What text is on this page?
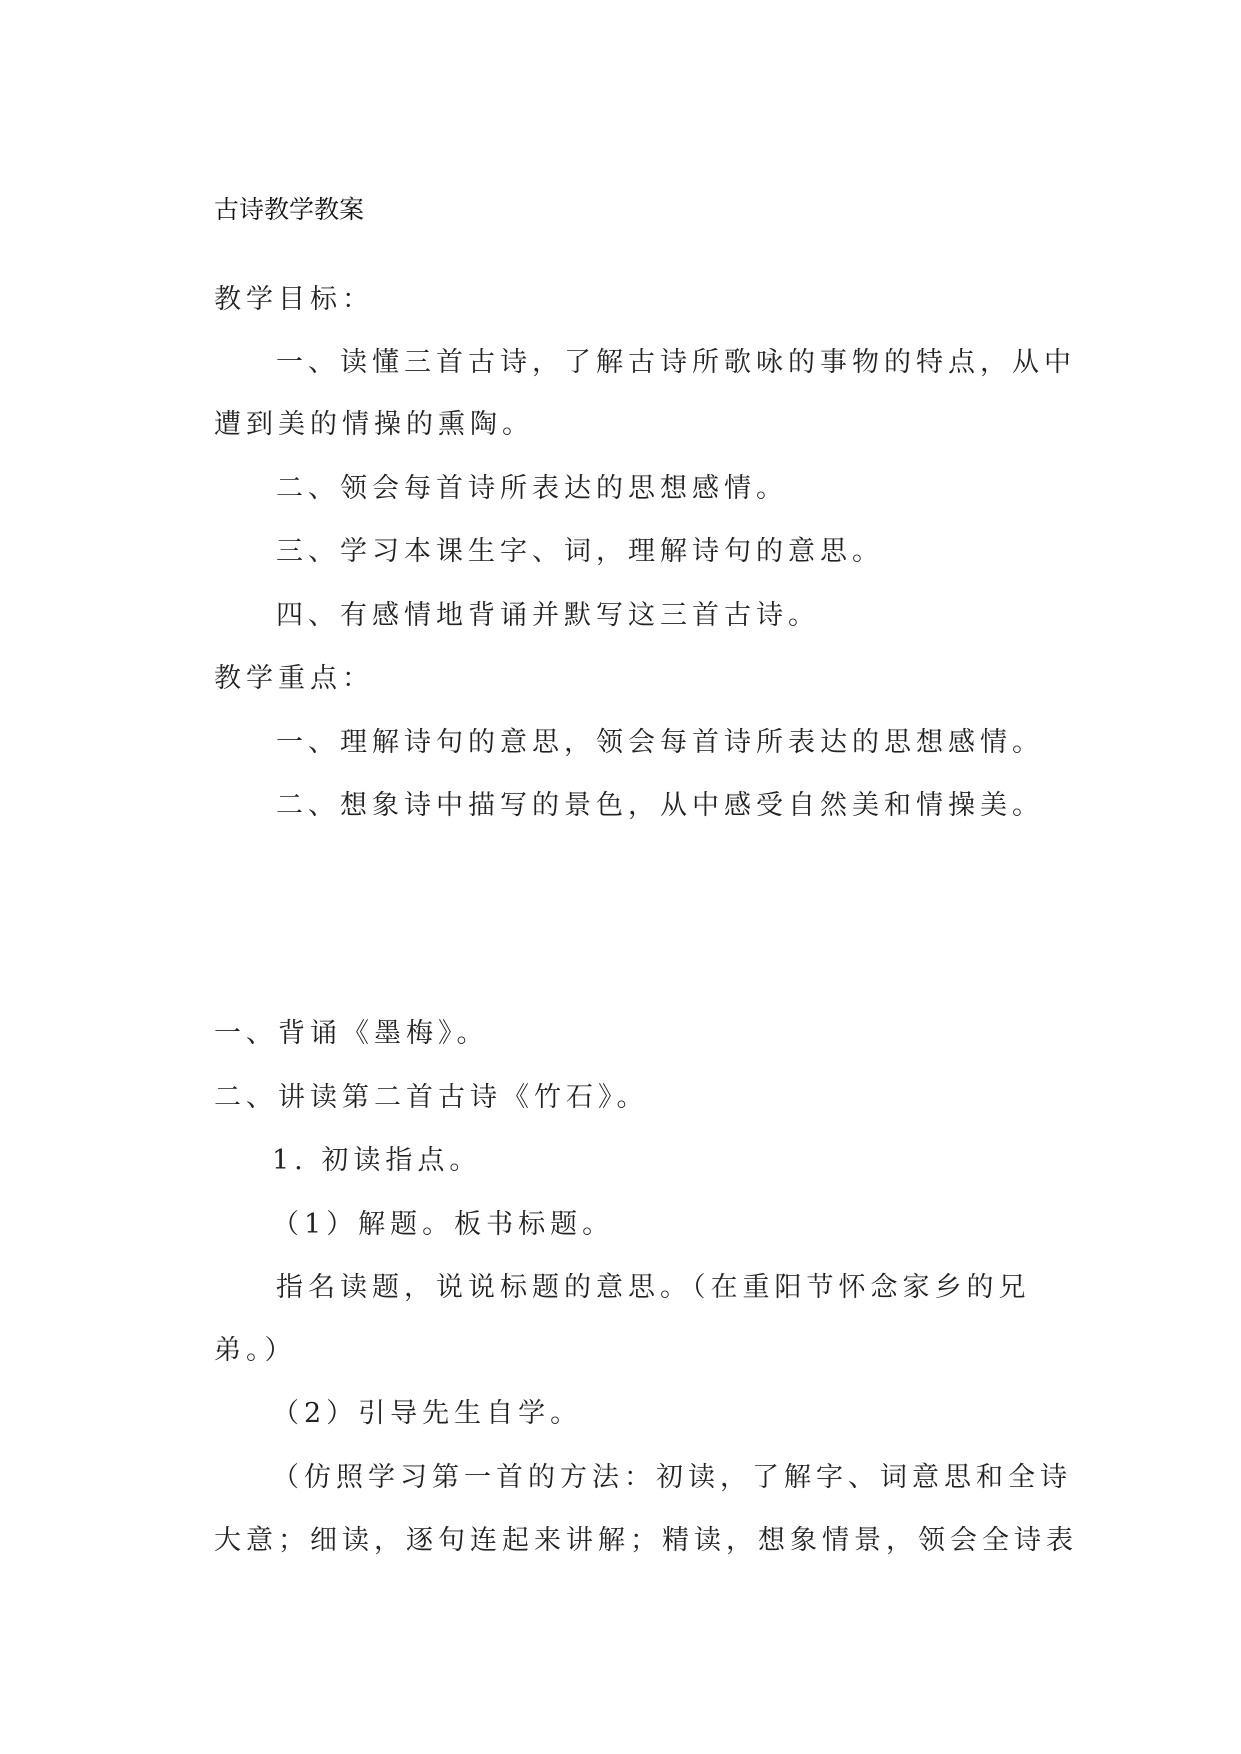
古诗教学教案
教学目标：
一、读懂三首古诗，了解古诗所歌咏的事物的特点，从中
遭到美的情操的熏陶。
二、领会每首诗所表达的思想感情。
三、学习本课生字、词，理解诗句的意思。
四、有感情地背诵并默写这三首古诗。
教学重点：
一、理解诗句的意思，领会每首诗所表达的思想感情。
二、想象诗中描写的景色，从中感受自然美和情操美。
一、背诵《墨梅》。
二、讲读第二首古诗《竹石》。
1. 初读指点。
（1）解题。板书标题。
指名读题，说说标题的意思。（在重阳节怀念家乡的兄
弟。）
（2）引导先生自学。
（仿照学习第一首的方法：初读，了解字、词意思和全诗
大意；细读，逐句连起来讲解；精读，想象情景，领会全诗表
